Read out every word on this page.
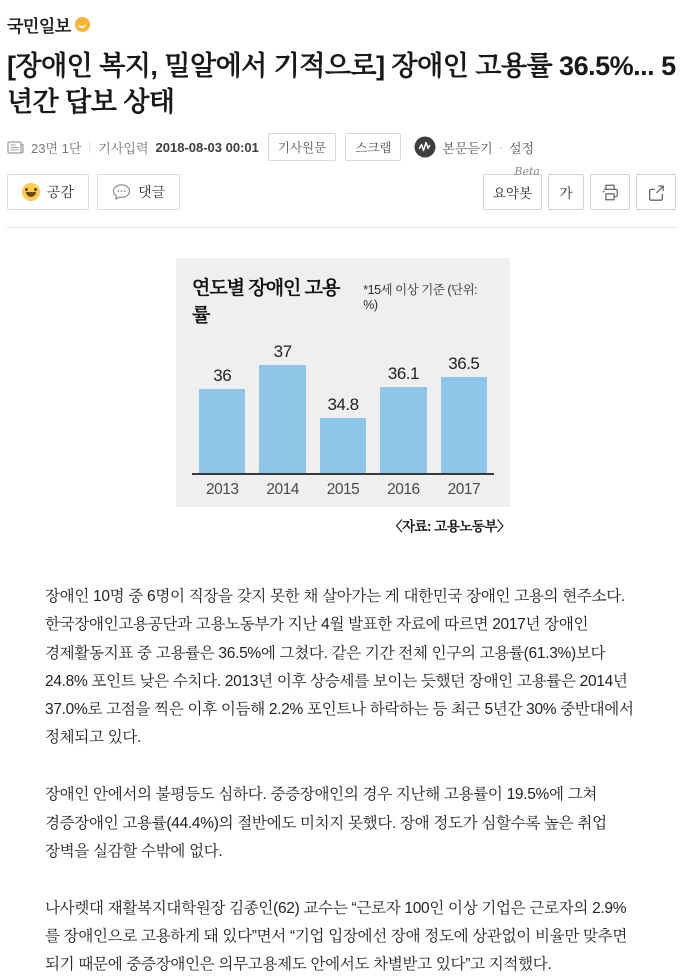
국민일보
[장애인 복지, 밀알에서 기적으로] 장애인 고용률 36.5%... 5년간 답보 상태
23면 1단 | 기사입력 2018-08-03 00:01	기사원문	스크랩	본문듣기 · 설정
공감	댓글
Beta
요약봇 가
연도별 장애인 고용률
*15세 이상 기준 (단위: %)
36
37
34.8
36.1
36.5
2013	2014	2015	2016	2017
〈자료: 고용노동부〉

장애인 10명 중 6명이 직장을 갖지 못한 채 살아가는 게 대한민국 장애인 고용의 현주소다. 한국장애인고용공단과 고용노동부가 지난 4월 발표한 자료에 따르면 2017년 장애인 경제활동지표 중 고용률은 36.5%에 그쳤다. 같은 기간 전체 인구의 고용률(61.3%)보다 24.8% 포인트 낮은 수치다. 2013년 이후 상승세를 보이는 듯했던 장애인 고용률은 2014년 37.0%로 고점을 찍은 이후 이듬해 2.2% 포인트나 하락하는 등 최근 5년간 30% 중반대에서 정체되고 있다.

장애인 안에서의 불평등도 심하다. 중증장애인의 경우 지난해 고용률이 19.5%에 그쳐 경증장애인 고용률(44.4%)의 절반에도 미치지 못했다. 장애 정도가 심할수록 높은 취업 장벽을 실감할 수밖에 없다.

나사렛대 재활복지대학원장 김종인(62) 교수는 “근로자 100인 이상 기업은 근로자의 2.9%를 장애인으로 고용하게 돼 있다”면서 “기업 입장에선 장애 정도에 상관없이 비율만 맞추면 되기 때문에 중증장애인은 의무고용제도 안에서도 차별받고 있다”고 지적했다.
